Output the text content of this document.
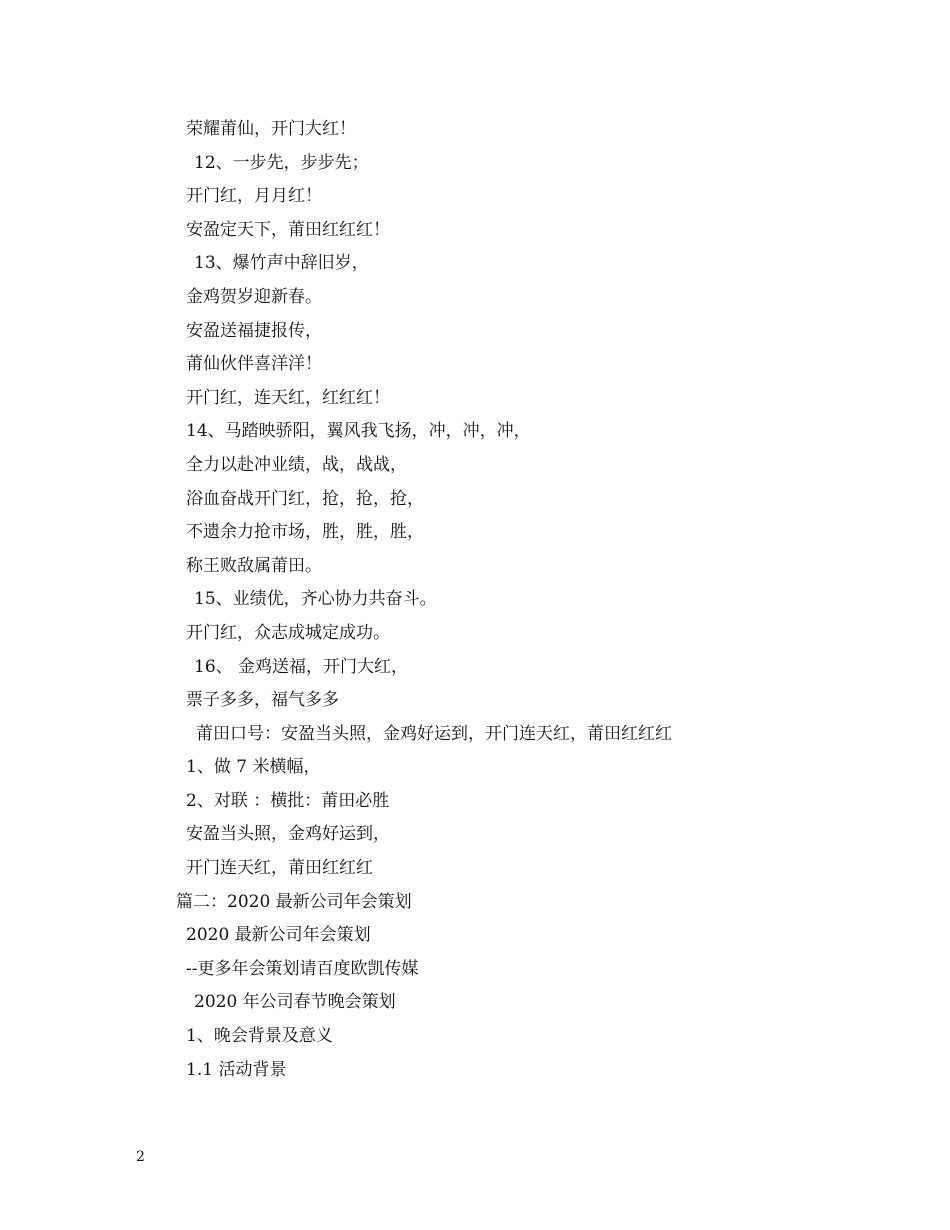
荣耀莆仙，开门大红！
12、一步先，步步先；
开门红，月月红！
安盈定天下，莆田红红红！
13、爆竹声中辞旧岁，
金鸡贺岁迎新春。
安盈送福捷报传，
莆仙伙伴喜洋洋！
开门红，连天红，红红红！
14、马踏映骄阳，翼风我飞扬，冲，冲，冲，
全力以赴冲业绩，战，战战，
浴血奋战开门红，抢，抢，抢，
不遗余力抢市场，胜，胜，胜，
称王败敌属莆田。
15、业绩优，齐心协力共奋斗。
开门红，众志成城定成功。
16、 金鸡送福，开门大红，
票子多多，福气多多
莆田口号：安盈当头照，金鸡好运到，开门连天红，莆田红红红
1、做 7 米横幅，
2、对联 ：横批：莆田必胜
安盈当头照，金鸡好运到，
开门连天红，莆田红红红
篇二：2020 最新公司年会策划
2020 最新公司年会策划
--更多年会策划请百度欧凯传媒
2020 年公司春节晚会策划
1、晚会背景及意义
1.1 活动背景
2
